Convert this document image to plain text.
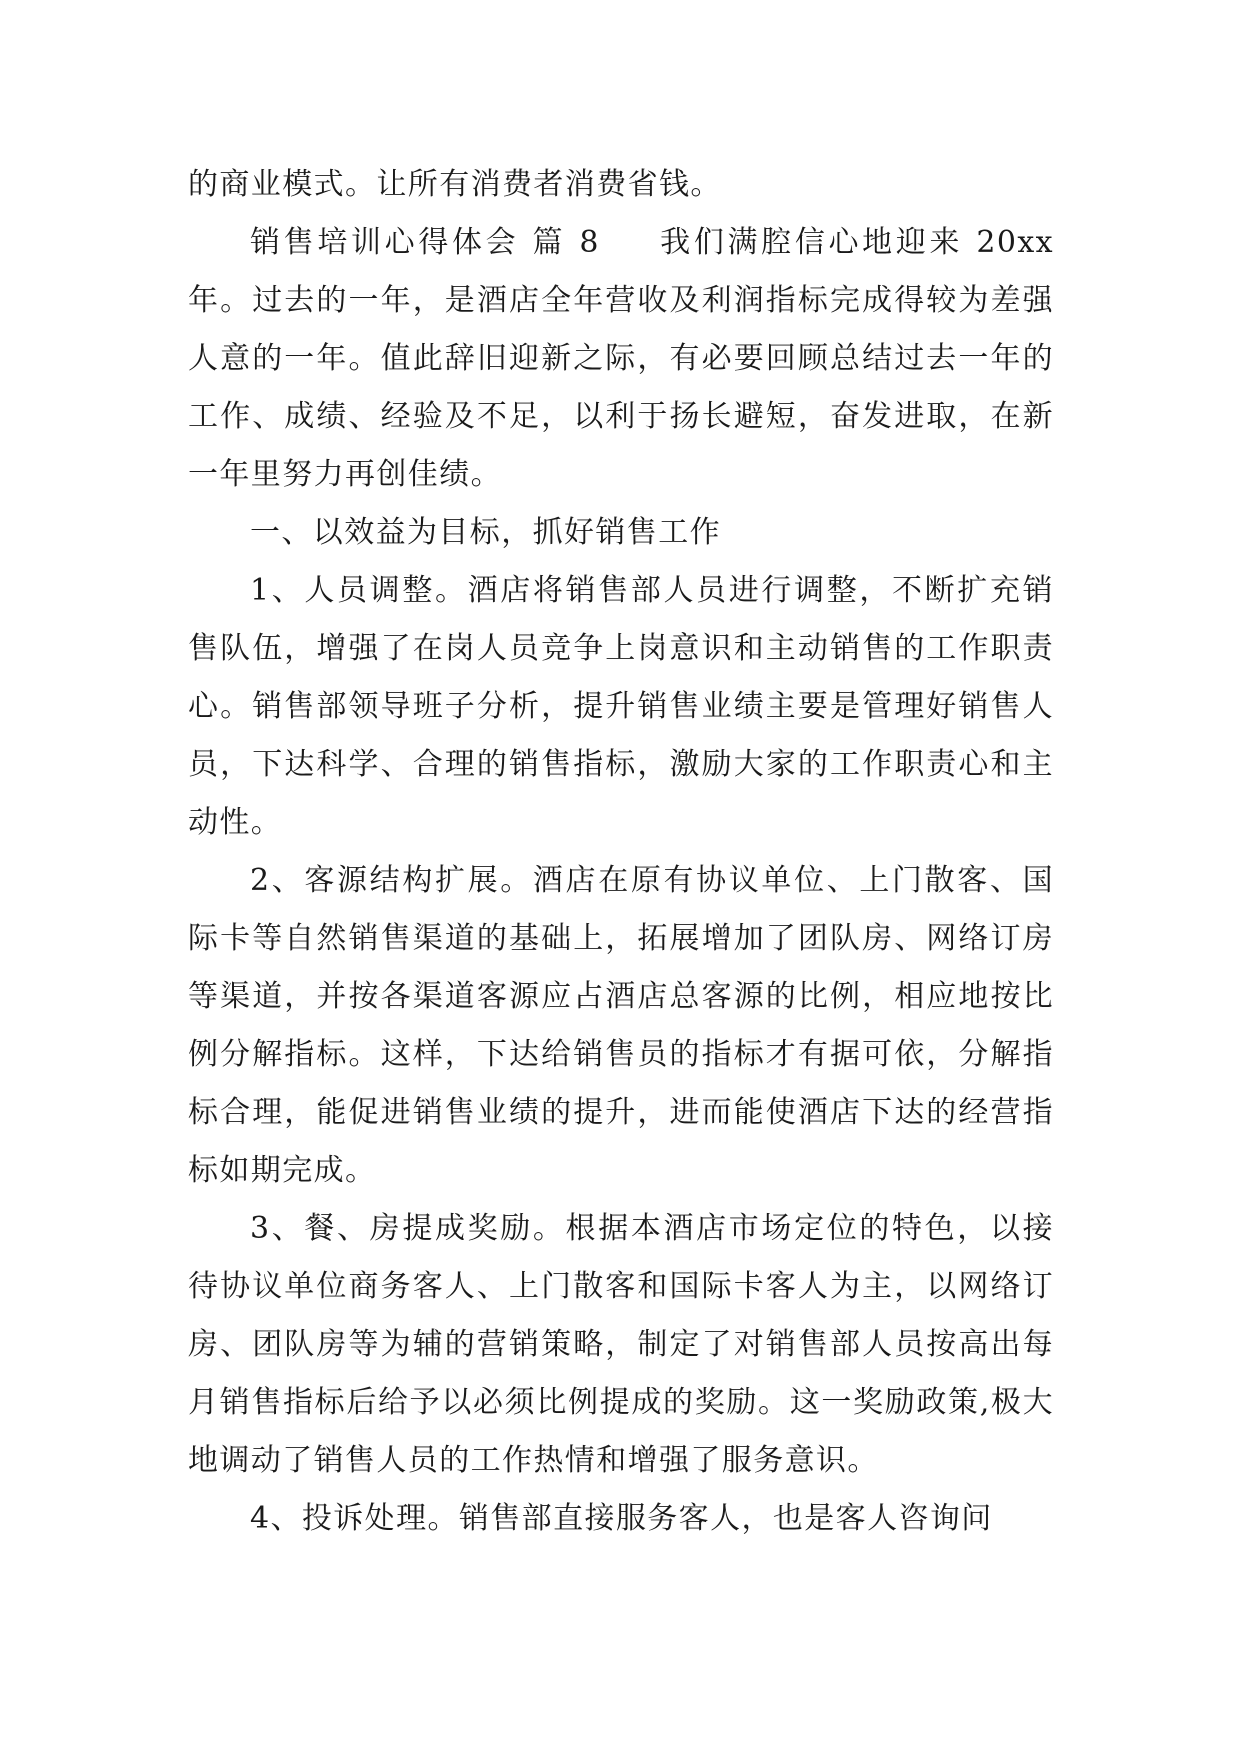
的商业模式。让所有消费者消费省钱。

销售培训心得体会 篇 8 我们满腔信心地迎来 20xx 年。过去的一年，是酒店全年营收及利润指标完成得较为差强人意的一年。值此辞旧迎新之际，有必要回顾总结过去一年的工作、成绩、经验及不足，以利于扬长避短，奋发进取，在新一年里努力再创佳绩。

一、以效益为目标，抓好销售工作

1、人员调整。酒店将销售部人员进行调整，不断扩充销售队伍，增强了在岗人员竞争上岗意识和主动销售的工作职责心。销售部领导班子分析，提升销售业绩主要是管理好销售人员，下达科学、合理的销售指标，激励大家的工作职责心和主动性。

2、客源结构扩展。酒店在原有协议单位、上门散客、国际卡等自然销售渠道的基础上，拓展增加了团队房、网络订房等渠道，并按各渠道客源应占酒店总客源的比例，相应地按比例分解指标。这样，下达给销售员的指标才有据可依，分解指标合理，能促进销售业绩的提升，进而能使酒店下达的经营指标如期完成。

3、餐、房提成奖励。根据本酒店市场定位的特色，以接待协议单位商务客人、上门散客和国际卡客人为主，以网络订房、团队房等为辅的营销策略，制定了对销售部人员按高出每月销售指标后给予以必须比例提成的奖励。这一奖励政策,极大地调动了销售人员的工作热情和增强了服务意识。

4、投诉处理。销售部直接服务客人，也是客人咨询问
